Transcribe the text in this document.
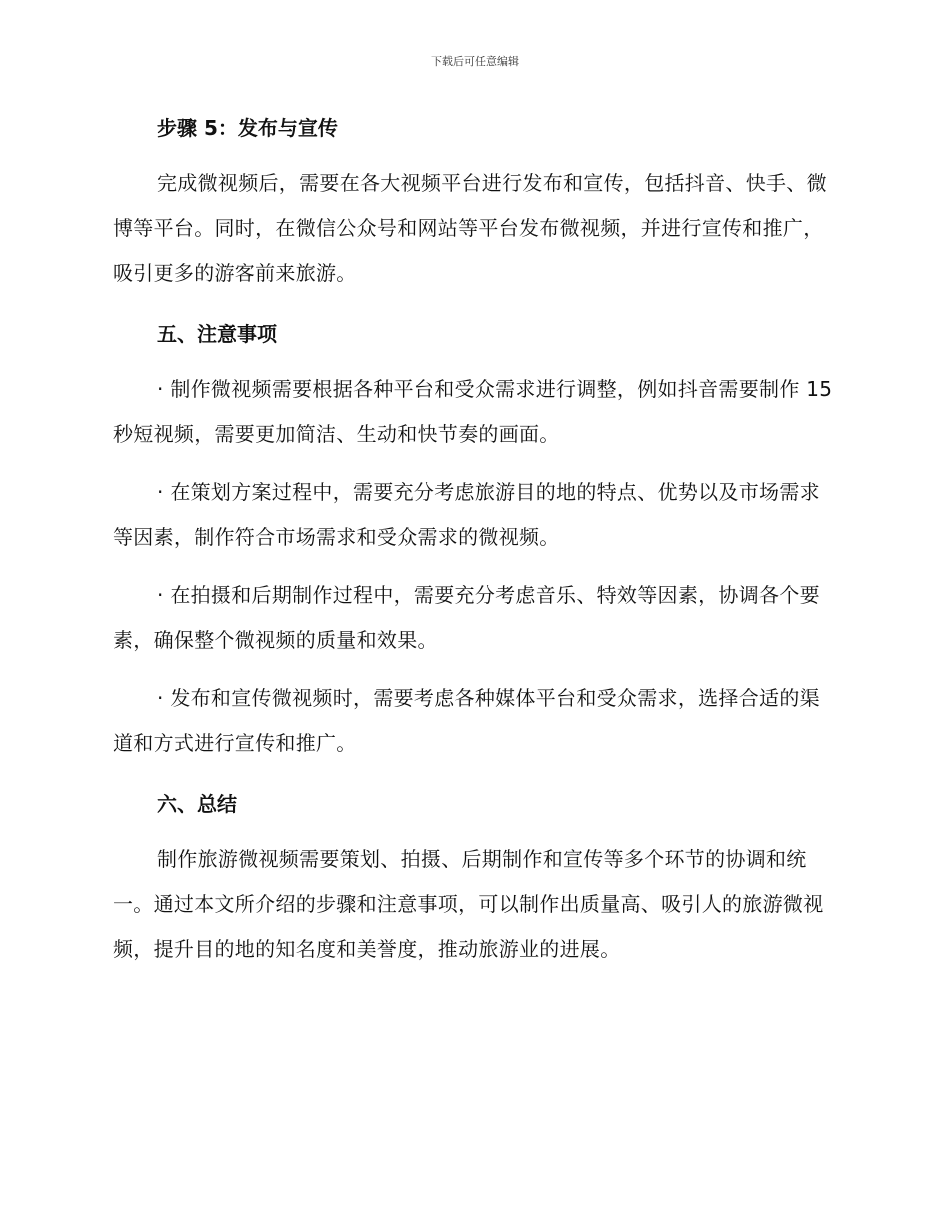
下载后可任意编辑
步骤 5：发布与宣传

完成微视频后，需要在各大视频平台进行发布和宣传，包括抖音、快手、微博等平台。同时，在微信公众号和网站等平台发布微视频，并进行宣传和推广，吸引更多的游客前来旅游。

五、注意事项

· 制作微视频需要根据各种平台和受众需求进行调整，例如抖音需要制作 15 秒短视频，需要更加简洁、生动和快节奏的画面。

· 在策划方案过程中，需要充分考虑旅游目的地的特点、优势以及市场需求等因素，制作符合市场需求和受众需求的微视频。

· 在拍摄和后期制作过程中，需要充分考虑音乐、特效等因素，协调各个要素，确保整个微视频的质量和效果。

· 发布和宣传微视频时，需要考虑各种媒体平台和受众需求，选择合适的渠道和方式进行宣传和推广。

六、总结

制作旅游微视频需要策划、拍摄、后期制作和宣传等多个环节的协调和统一。通过本文所介绍的步骤和注意事项，可以制作出质量高、吸引人的旅游微视频，提升目的地的知名度和美誉度，推动旅游业的进展。
